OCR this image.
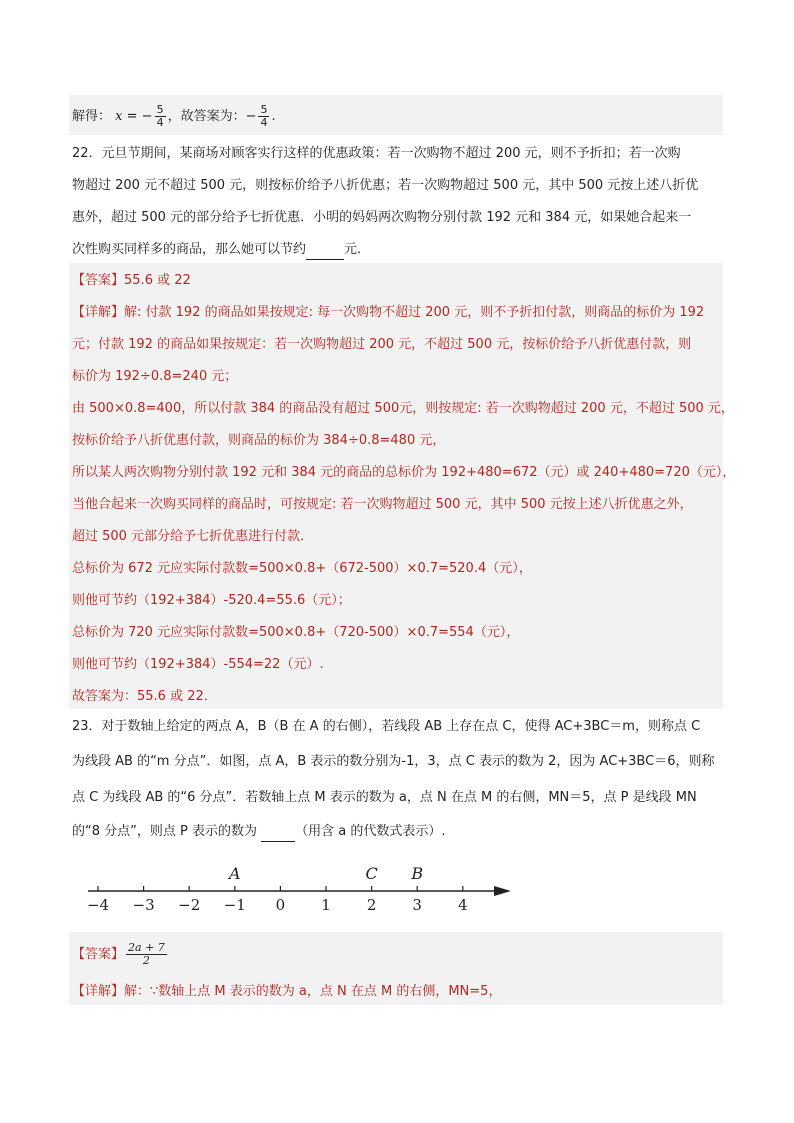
解得： x = − $\frac{5}{4}$ ，故答案为：− $\frac{5}{4}$ .
22．元旦节期间，某商场对顾客实行这样的优惠政策：若一次购物不超过 200 元，则不予折扣；若一次购
物超过 200 元不超过 500 元，则按标价给予八折优惠；若一次购物超过 500 元，其中 500 元按上述八折优
惠外，超过 500 元的部分给予七折优惠．小明的妈妈两次购物分别付款 192 元和 384 元，如果她合起来一
次性购买同样多的商品，那么她可以节约	元．
【答案】55.6 或 22
【详解】解: 付款 192 的商品如果按规定: 每一次购物不超过 200 元，则不予折扣付款，则商品的标价为 192
元；付款 192 的商品如果按规定：若一次购物超过 200 元，不超过 500 元，按标价给予八折优惠付款，则
标价为 192÷0.8=240 元；
由 500×0.8=400，所以付款 384 的商品没有超过 500元，则按规定: 若一次购物超过 200 元，不超过 500 元，
按标价给予八折优惠付款，则商品的标价为 384÷0.8=480 元，
所以某人两次购物分别付款 192 元和 384 元的商品的总标价为 192+480=672（元）或 240+480=720（元），
当他合起来一次购买同样的商品时，可按规定: 若一次购物超过 500 元，其中 500 元按上述八折优惠之外，
超过 500 元部分给予七折优惠进行付款．
总标价为 672 元应实际付款数=500×0.8+（672-500）×0.7=520.4（元），
则他可节约（192+384）-520.4=55.6（元）；
总标价为 720 元应实际付款数=500×0.8+（720-500）×0.7=554（元），
则他可节约（192+384）-554=22（元）.
故答案为：55.6 或 22．
23．对于数轴上给定的两点 A，B（B 在 A 的右侧），若线段 AB 上存在点 C，使得 AC+3BC＝m，则称点 C
为线段 AB 的“m 分点”．如图，点 A，B 表示的数分别为-1，3，点 C 表示的数为 2，因为 AC+3BC＝6，则称
点 C 为线段 AB 的“6 分点”．若数轴上点 M 表示的数为 a，点 N 在点 M 的右侧，MN＝5，点 P 是线段 MN
的“8 分点”，则点 P 表示的数为	（用含 a 的代数式表示）.
−4 −3 −2 −1 0 1 2 3 4
A	C B
【答案】 $\frac{2a + 7}{2}$
【详解】解：∵数轴上点 M 表示的数为 a，点 N 在点 M 的右侧，MN=5，
